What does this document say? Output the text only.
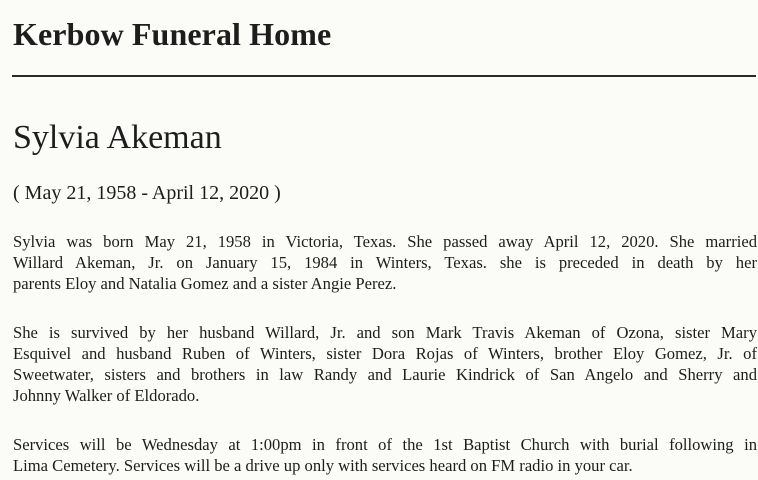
Kerbow Funeral Home
Sylvia Akeman

( May 21, 1958 - April 12, 2020 )

Sylvia was born May 21, 1958 in Victoria, Texas. She passed away April 12, 2020. She married
Willard Akeman, Jr. on January 15, 1984 in Winters, Texas. she is preceded in death by her
parents Eloy and Natalia Gomez and a sister Angie Perez.

She is survived by her husband Willard, Jr. and son Mark Travis Akeman of Ozona, sister Mary
Esquivel and husband Ruben of Winters, sister Dora Rojas of Winters, brother Eloy Gomez, Jr. of
Sweetwater, sisters and brothers in law Randy and Laurie Kindrick of San Angelo and Sherry and
Johnny Walker of Eldorado.

Services will be Wednesday at 1:00pm in front of the 1st Baptist Church with burial following in
Lima Cemetery. Services will be a drive up only with services heard on FM radio in your car.
